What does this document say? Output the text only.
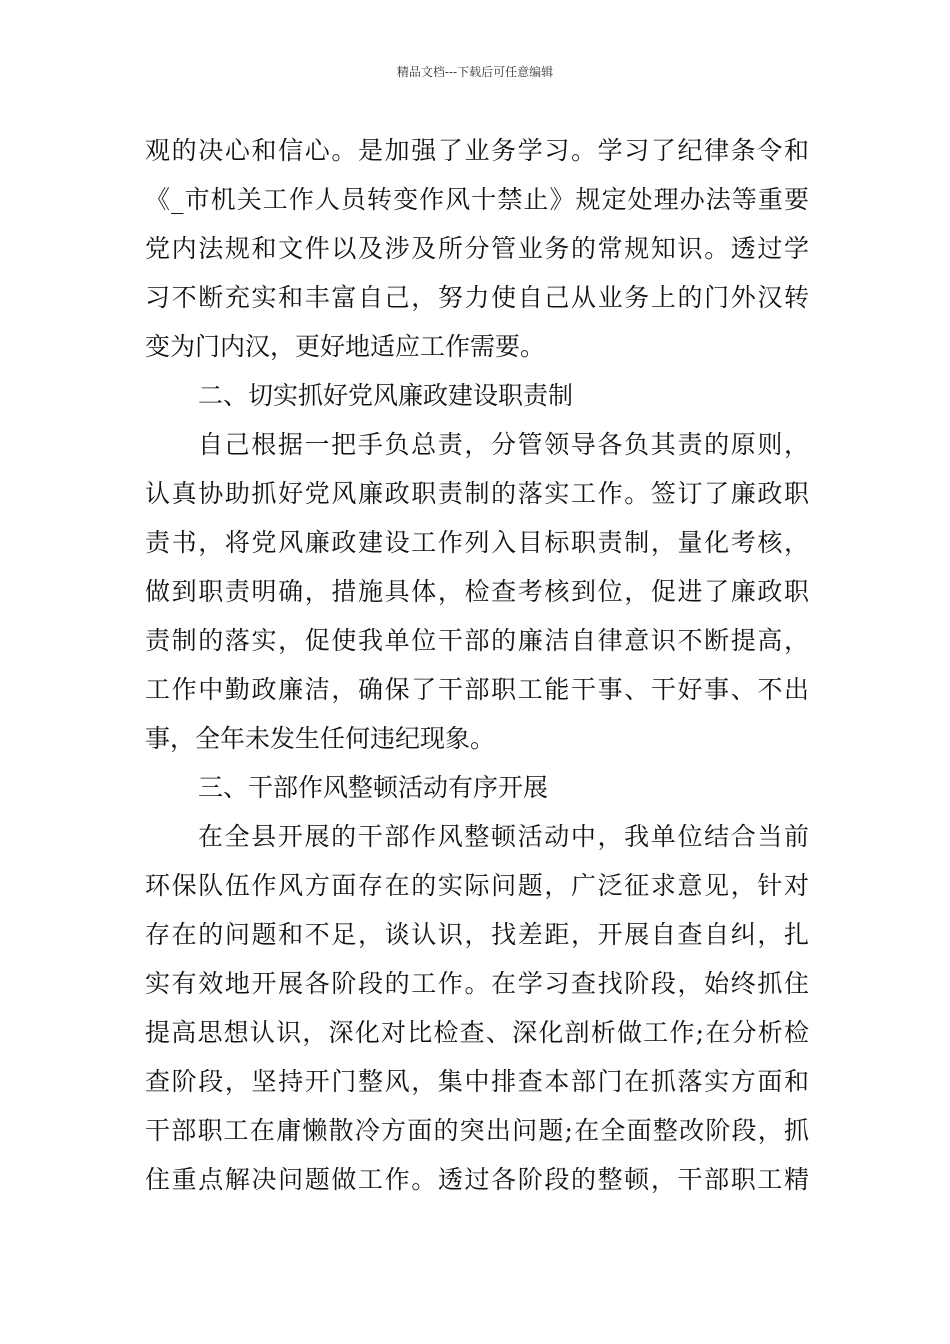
精品文档---下载后可任意编辑
观的决心和信心。是加强了业务学习。学习了纪律条令和
《_市机关工作人员转变作风十禁止》规定处理办法等重要
党内法规和文件以及涉及所分管业务的常规知识。透过学
习不断充实和丰富自己，努力使自己从业务上的门外汉转
变为门内汉，更好地适应工作需要。
二、切实抓好党风廉政建设职责制
自己根据一把手负总责，分管领导各负其责的原则，
认真协助抓好党风廉政职责制的落实工作。签订了廉政职
责书，将党风廉政建设工作列入目标职责制，量化考核，
做到职责明确，措施具体，检查考核到位，促进了廉政职
责制的落实，促使我单位干部的廉洁自律意识不断提高，
工作中勤政廉洁，确保了干部职工能干事、干好事、不出
事，全年未发生任何违纪现象。
三、干部作风整顿活动有序开展
在全县开展的干部作风整顿活动中，我单位结合当前
环保队伍作风方面存在的实际问题，广泛征求意见，针对
存在的问题和不足，谈认识，找差距，开展自查自纠，扎
实有效地开展各阶段的工作。在学习查找阶段，始终抓住
提高思想认识，深化对比检查、深化剖析做工作;在分析检
查阶段，坚持开门整风，集中排查本部门在抓落实方面和
干部职工在庸懒散冷方面的突出问题;在全面整改阶段，抓
住重点解决问题做工作。透过各阶段的整顿，干部职工精
